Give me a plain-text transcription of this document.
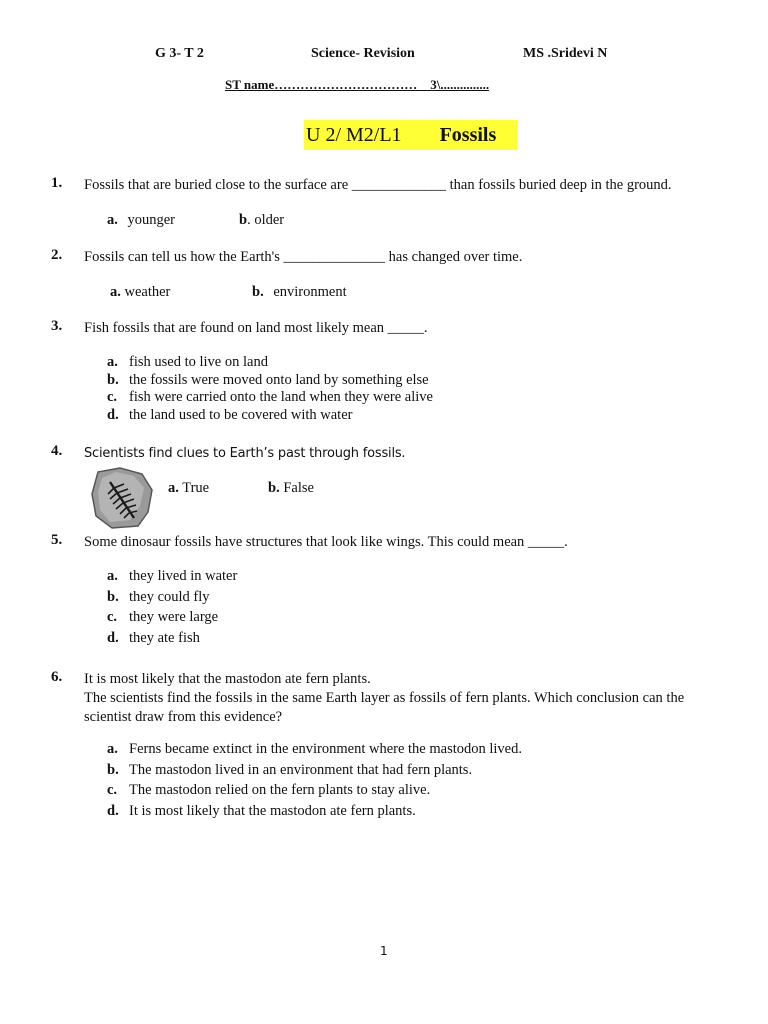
G 3- T 2	Science- Revision	MS .Sridevi N
ST name……………………………    3\...............
U 2/ M2/L1 Fossils
1. Fossils that are buried close to the surface are _____________ than fossils buried deep in the ground.
a. younger	b. older
2. Fossils can tell us how the Earth's ______________ has changed over time.
a. weather	b. environment
3. Fish fossils that are found on land most likely mean _____.
a. fish used to live on land
b. the fossils were moved onto land by something else
c. fish were carried onto the land when they were alive
d. the land used to be covered with water
4. Scientists find clues to Earth’s past through fossils.
a. True	b. False
5. Some dinosaur fossils have structures that look like wings. This could mean _____.
a. they lived in water
b. they could fly
c. they were large
d. they ate fish
6. It is most likely that the mastodon ate fern plants.
The scientists find the fossils in the same Earth layer as fossils of fern plants. Which conclusion can the scientist draw from this evidence?
a. Ferns became extinct in the environment where the mastodon lived.
b. The mastodon lived in an environment that had fern plants.
c. The mastodon relied on the fern plants to stay alive.
d. It is most likely that the mastodon ate fern plants.
1
